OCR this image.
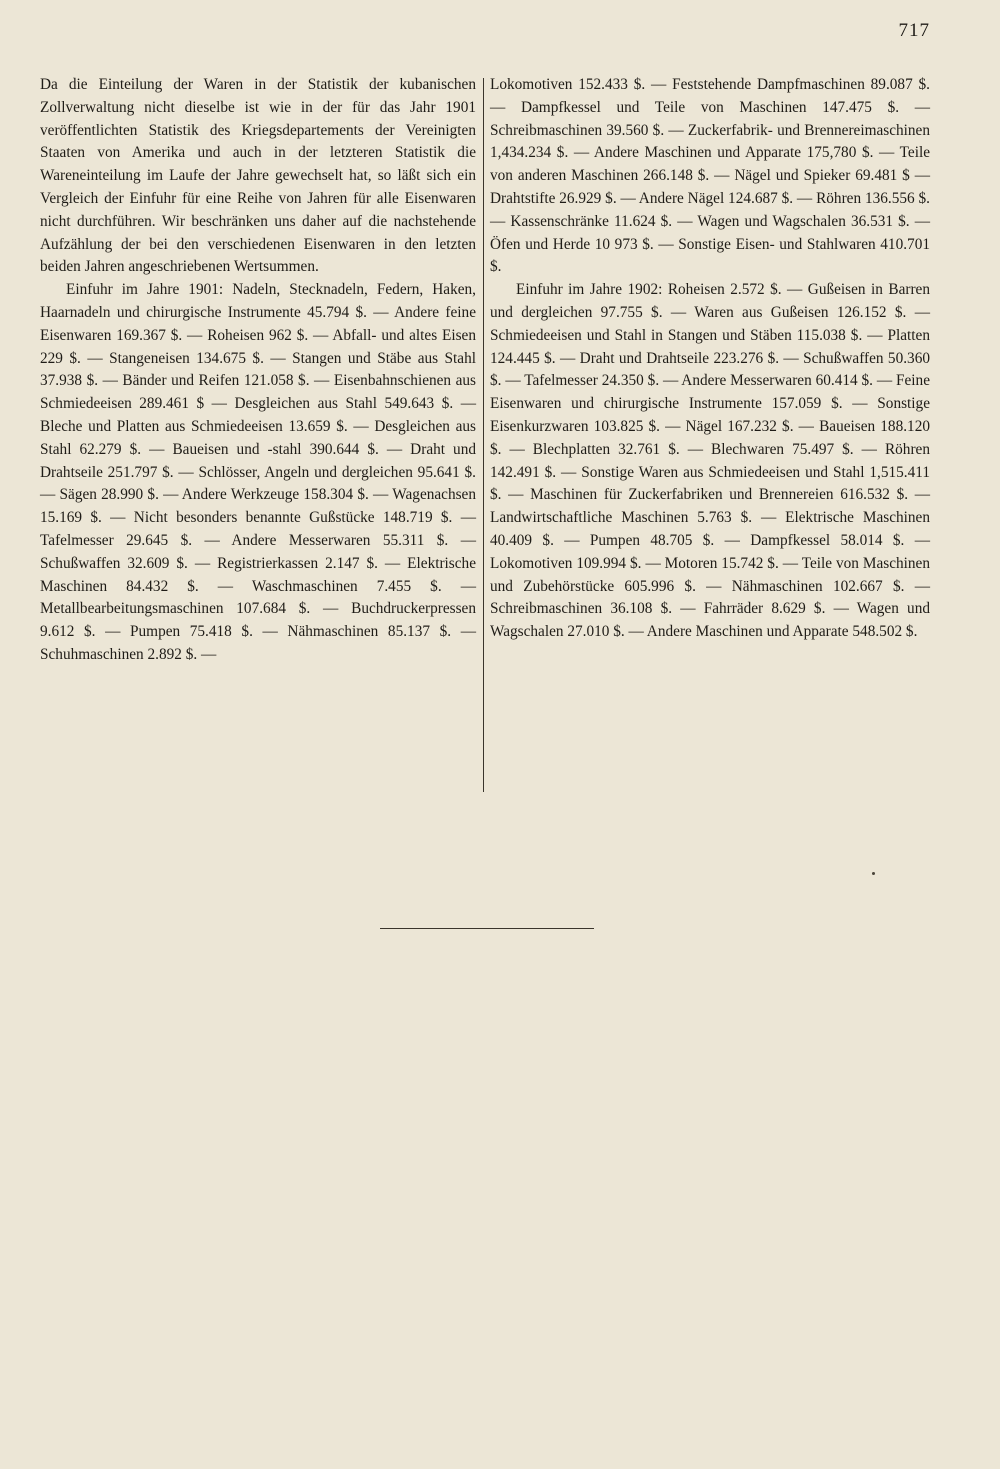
717

Da die Einteilung der Waren in der Statistik der kubanischen Zollverwaltung nicht dieselbe ist wie in der für das Jahr 1901 veröffentlichten Statistik des Kriegsdepartements der Vereinigten Staaten von Amerika und auch in der letzteren Statistik die Wareneinteilung im Laufe der Jahre gewechselt hat, so läßt sich ein Vergleich der Einfuhr für eine Reihe von Jahren für alle Eisenwaren nicht durchführen. Wir beschränken uns daher auf die nachstehende Aufzählung der bei den verschiedenen Eisenwaren in den letzten beiden Jahren angeschriebenen Wertsummen.

Einfuhr im Jahre 1901: Nadeln, Stecknadeln, Federn, Haken, Haarnadeln und chirurgische Instrumente 45.794 $. — Andere feine Eisenwaren 169.367 $. — Roheisen 962 $. — Abfall- und altes Eisen 229 $. — Stangeneisen 134.675 $. — Stangen und Stäbe aus Stahl 37.938 $. — Bänder und Reifen 121.058 $. — Eisenbahnschienen aus Schmiedeeisen 289.461 $ — Desgleichen aus Stahl 549.643 $. — Bleche und Platten aus Schmiedeeisen 13.659 $. — Desgleichen aus Stahl 62.279 $. — Baueisen und -stahl 390.644 $. — Draht und Drahtseile 251.797 $. — Schlösser, Angeln und dergleichen 95.641 $. — Sägen 28.990 $. — Andere Werkzeuge 158.304 $. — Wagenachsen 15.169 $. — Nicht besonders benannte Gußstücke 148.719 $. — Tafelmesser 29.645 $. — Andere Messerwaren 55.311 $. — Schußwaffen 32.609 $. — Registrierkassen 2.147 $. — Elektrische Maschinen 84.432 $. — Waschmaschinen 7.455 $. — Metallbearbeitungsmaschinen 107.684 $. — Buchdruckerpressen 9.612 $. — Pumpen 75.418 $. — Nähmaschinen 85.137 $. — Schuhmaschinen 2.892 $. —

Lokomotiven 152.433 $. — Feststehende Dampfmaschinen 89.087 $. — Dampfkessel und Teile von Maschinen 147.475 $. — Schreibmaschinen 39.560 $. — Zuckerfabrik- und Brennereimaschinen 1,434.234 $. — Andere Maschinen und Apparate 175,780 $. — Teile von anderen Maschinen 266.148 $. — Nägel und Spieker 69.481 $ — Drahtstifte 26.929 $. — Andere Nägel 124.687 $. — Röhren 136.556 $. — Kassenschränke 11.624 $. — Wagen und Wagschalen 36.531 $. — Öfen und Herde 10 973 $. — Sonstige Eisen- und Stahlwaren 410.701 $.

Einfuhr im Jahre 1902: Roheisen 2.572 $. — Gußeisen in Barren und dergleichen 97.755 $. — Waren aus Gußeisen 126.152 $. — Schmiedeeisen und Stahl in Stangen und Stäben 115.038 $. — Platten 124.445 $. — Draht und Drahtseile 223.276 $. — Schußwaffen 50.360 $. — Tafelmesser 24.350 $. — Andere Messerwaren 60.414 $. — Feine Eisenwaren und chirurgische Instrumente 157.059 $. — Sonstige Eisenkurzwaren 103.825 $. — Nägel 167.232 $. — Baueisen 188.120 $. — Blechplatten 32.761 $. — Blechwaren 75.497 $. — Röhren 142.491 $. — Sonstige Waren aus Schmiedeeisen und Stahl 1,515.411 $. — Maschinen für Zuckerfabriken und Brennereien 616.532 $. — Landwirtschaftliche Maschinen 5.763 $. — Elektrische Maschinen 40.409 $. — Pumpen 48.705 $. — Dampfkessel 58.014 $. — Lokomotiven 109.994 $. — Motoren 15.742 $. — Teile von Maschinen und Zubehörstücke 605.996 $. — Nähmaschinen 102.667 $. — Schreibmaschinen 36.108 $. — Fahrräder 8.629 $. — Wagen und Wagschalen 27.010 $. — Andere Maschinen und Apparate 548.502 $.
